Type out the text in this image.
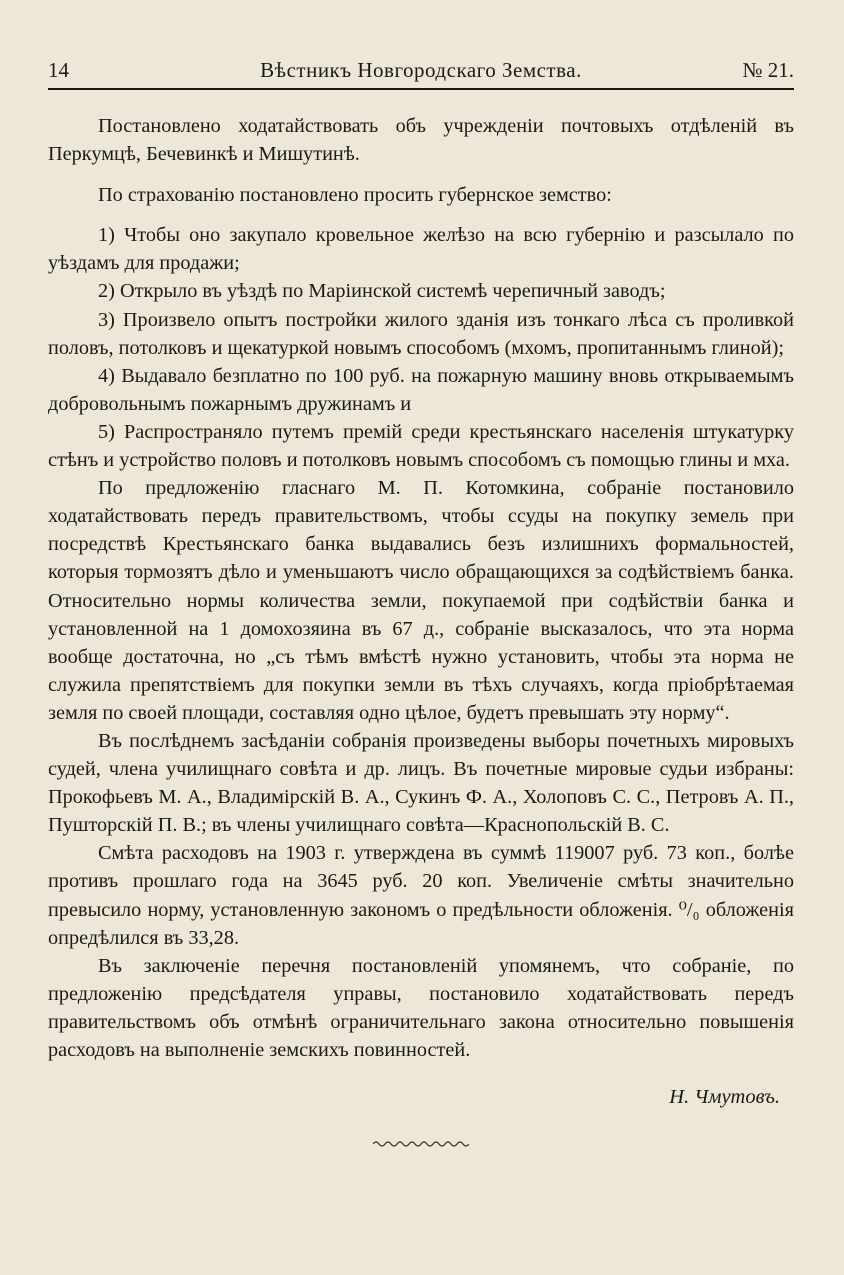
14	Вѣстникъ Новгородскаго Земства.	№ 21.

Постановлено ходатайствовать объ учрежденіи почтовыхъ отдѣленій въ Перкумцѣ, Бечевинкѣ и Мишутинѣ.

По страхованію постановлено просить губернское земство:

1) Чтобы оно закупало кровельное желѣзо на всю губернію и разсылало по уѣздамъ для продажи;

2) Открыло въ уѣздѣ по Маріинской системѣ черепичный заводъ;

3) Произвело опытъ постройки жилого зданія изъ тонкаго лѣса съ проливкой половъ, потолковъ и щекатуркой новымъ способомъ (мхомъ, пропитаннымъ глиной);

4) Выдавало безплатно по 100 руб. на пожарную машину вновь открываемымъ добровольнымъ пожарнымъ дружинамъ и

5) Распространяло путемъ премій среди крестьянскаго населенія штукатурку стѣнъ и устройство половъ и потолковъ новымъ способомъ съ помощью глины и мха.

По предложенію гласнаго М. П. Котомкина, собраніе постановило ходатайствовать передъ правительствомъ, чтобы ссуды на покупку земель при посредствѣ Крестьянскаго банка выдавались безъ излишнихъ формальностей, которыя тормозятъ дѣло и уменьшаютъ число обращающихся за содѣйствіемъ банка. Относительно нормы количества земли, покупаемой при содѣйствіи банка и установленной на 1 домохозяина въ 67 д., собраніе высказалось, что эта норма вообще достаточна, но „съ тѣмъ вмѣстѣ нужно установить, чтобы эта норма не служила препятствіемъ для покупки земли въ тѣхъ случаяхъ, когда пріобрѣтаемая земля по своей площади, составляя одно цѣлое, будетъ превышать эту норму“.

Въ послѣднемъ засѣданіи собранія произведены выборы почетныхъ мировыхъ судей, члена училищнаго совѣта и др. лицъ. Въ почетные мировые судьи избраны: Прокофьевъ М. А., Владимірскій В. А., Сукинъ Ф. А., Холоповъ С. С., Петровъ А. П., Пушторскій П. В.; въ члены училищнаго совѣта—Краснопольскій В. С.

Смѣта расходовъ на 1903 г. утверждена въ суммѣ 119007 руб. 73 коп., болѣе противъ прошлаго года на 3645 руб. 20 коп. Увеличеніе смѣты значительно превысило норму, установленную закономъ о предѣльности обложенія. ⁰/₀ обложенія опредѣлился въ 33,28.

Въ заключеніе перечня постановленій упомянемъ, что собраніе, по предложенію предсѣдателя управы, постановило ходатайствовать передъ правительствомъ объ отмѣнѣ ограничительнаго закона относительно повышенія расходовъ на выполненіе земскихъ повинностей.

Н. Чмутовъ.
